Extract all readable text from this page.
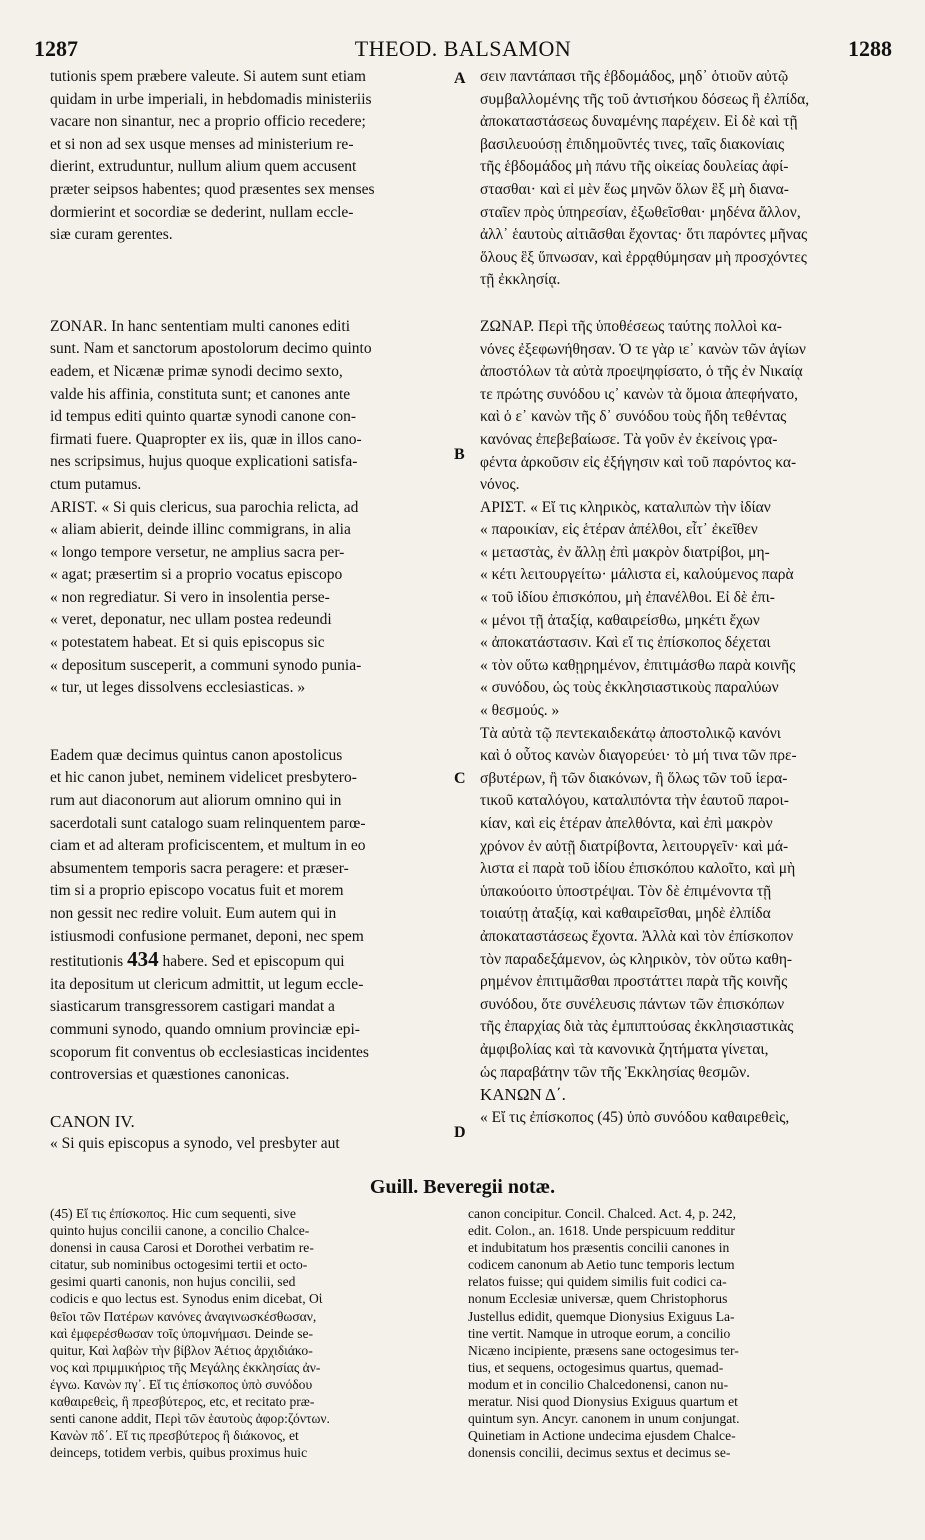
1287	THEOD. BALSAMON	1288
A
B
C
D
tutionis spem præbere valeute. Si autem sunt etiam
quidam in urbe imperiali, in hebdomadis ministeriis
vacare non sinantur, nec a proprio officio recedere;
et si non ad sex usque menses ad ministerium re-
dierint, extruduntur, nullum alium quem accusent
præter seipsos habentes; quod præsentes sex menses
dormierint et socordiæ se dederint, nullam eccle-
siæ curam gerentes.
ZONAR. In hanc sententiam multi canones editi
sunt. Nam et sanctorum apostolorum decimo quinto
eadem, et Nicænæ primæ synodi decimo sexto,
valde his affinia, constituta sunt; et canones ante
id tempus editi quinto quartæ synodi canone con-
firmati fuere. Quapropter ex iis, quæ in illos cano-
nes scripsimus, hujus quoque explicationi satisfa-
ctum putamus.
ARIST. « Si quis clericus, sua parochia relicta, ad
« aliam abierit, deinde illinc commigrans, in alia
« longo tempore versetur, ne amplius sacra per-
« agat; præsertim si a proprio vocatus episcopo
« non regrediatur. Si vero in insolentia perse-
« veret, deponatur, nec ullam postea redeundi
« potestatem habeat. Et si quis episcopus sic
« depositum susceperit, a communi synodo punia-
« tur, ut leges dissolvens ecclesiasticas. »
Eadem quæ decimus quintus canon apostolicus
et hic canon jubet, neminem videlicet presbytero-
rum aut diaconorum aut aliorum omnino qui in
sacerdotali sunt catalogo suam relinquentem parœ-
ciam et ad alteram proficiscentem, et multum in eo
absumentem temporis sacra peragere: et præser-
tim si a proprio episcopo vocatus fuit et morem
non gessit nec redire voluit. Eum autem qui in
istiusmodi confusione permanet, deponi, nec spem
restitutionis 434 habere. Sed et episcopum qui
ita depositum ut clericum admittit, ut legum eccle-
siasticarum transgressorem castigari mandat a
communi synodo, quando omnium provinciæ epi-
scoporum fit conventus ob ecclesiasticas incidentes
controversias et quæstiones canonicas.

CANON IV.

« Si quis episcopus a synodo, vel presbyter aut
σειν παντάπασι τῆς ἑβδομάδος, μηδ᾽ ὁτιοῦν αὐτῷ
συμβαλλομένης τῆς τοῦ ἀντισήκου δόσεως ἢ ἐλπίδα,
ἀποκαταστάσεως δυναμένης παρέχειν. Εἰ δὲ καὶ τῇ
βασιλευούσῃ ἐπιδημοῦντές τινες, ταῖς διακονίαις
τῆς ἑβδομάδος μὴ πάνυ τῆς οἰκείας δουλείας ἀφί-
στασθαι· καὶ εἰ μὲν ἕως μηνῶν ὅλων ἓξ μὴ διανα-
σταῖεν πρὸς ὑπηρεσίαν, ἐξωθεῖσθαι· μηδένα ἄλλον,
ἀλλ᾽ ἑαυτοὺς αἰτιᾶσθαι ἔχοντας· ὅτι παρόντες μῆνας
ὅλους ἓξ ὕπνωσαν, καὶ ἐρρᾳθύμησαν μὴ προσχόντες
τῇ ἐκκλησίᾳ.
ΖΩΝΑΡ. Περὶ τῆς ὑποθέσεως ταύτης πολλοὶ κα-
νόνες ἐξεφωνήθησαν. Ὁ τε γὰρ ιε᾽ κανὼν τῶν ἁγίων
ἀποστόλων τὰ αὐτὰ προεψηφίσατο, ὁ τῆς ἐν Νικαίᾳ
τε πρώτης συνόδου ις᾽ κανὼν τὰ ὅμοια ἀπεφήνατο,
καὶ ὁ ε᾽ κανὼν τῆς δ᾽ συνόδου τοὺς ἤδη τεθέντας
κανόνας ἐπεβεβαίωσε. Τὰ γοῦν ἐν ἐκείνοις γρα-
φέντα ἀρκοῦσιν εἰς ἐξήγησιν καὶ τοῦ παρόντος κα-
νόνος.
ΑΡΙΣΤ. « Εἴ τις κληρικὸς, καταλιπὼν τὴν ἰδίαν
« παροικίαν, εἰς ἑτέραν ἀπέλθοι, εἶτ᾽ ἐκεῖθεν
« μεταστὰς, ἐν ἄλλῃ ἐπὶ μακρὸν διατρίβοι, μη-
« κέτι λειτουργείτω· μάλιστα εἰ, καλούμενος παρὰ
« τοῦ ἰδίου ἐπισκόπου, μὴ ἐπανέλθοι. Εἰ δὲ ἐπι-
« μένοι τῇ ἀταξίᾳ, καθαιρείσθω, μηκέτι ἔχων
« ἀποκατάστασιν. Καὶ εἴ τις ἐπίσκοπος δέχεται
« τὸν οὕτω καθῃρημένον, ἐπιτιμάσθω παρὰ κοινῆς
« συνόδου, ὡς τοὺς ἐκκλησιαστικοὺς παραλύων
« θεσμούς. »
Τὰ αὐτὰ τῷ πεντεκαιδεκάτῳ ἀποστολικῷ κανόνι
καὶ ὁ οὗτος κανὼν διαγορεύει· τὸ μή τινα τῶν πρε-
σβυτέρων, ἢ τῶν διακόνων, ἢ ὅλως τῶν τοῦ ἱερα-
τικοῦ καταλόγου, καταλιπόντα τὴν ἑαυτοῦ παροι-
κίαν, καὶ εἰς ἑτέραν ἀπελθόντα, καὶ ἐπὶ μακρὸν
χρόνον ἐν αὐτῇ διατρίβοντα, λειτουργεῖν· καὶ μά-
λιστα εἰ παρὰ τοῦ ἰδίου ἐπισκόπου καλοῖτο, καὶ μὴ
ὑπακούοιτο ὑποστρέψαι. Τὸν δὲ ἐπιμένοντα τῇ
τοιαύτῃ ἀταξίᾳ, καὶ καθαιρεῖσθαι, μηδὲ ἐλπίδα
ἀποκαταστάσεως ἔχοντα. Ἀλλὰ καὶ τὸν ἐπίσκοπον
τὸν παραδεξάμενον, ὡς κληρικὸν, τὸν οὕτω καθη-
ρημένον ἐπιτιμᾶσθαι προστάττει παρὰ τῆς κοινῆς
συνόδου, ὅτε συνέλευσις πάντων τῶν ἐπισκόπων
τῆς ἐπαρχίας διὰ τὰς ἐμπιπτούσας ἐκκλησιαστικὰς
ἀμφιβολίας καὶ τὰ κανονικὰ ζητήματα γίνεται,
ὡς παραβάτην τῶν τῆς Ἐκκλησίας θεσμῶν.

ΚΑΝΩΝ Δ΄.

« Εἴ τις ἐπίσκοπος (45) ὑπὸ συνόδου καθαιρεθεὶς,
Guill. Beveregii notæ.
(45) Εἴ τις ἐπίσκοπος. Hic cum sequenti, sive
quinto hujus concilii canone, a concilio Chalce-
donensi in causa Carosi et Dorothei verbatim re-
citatur, sub nominibus octogesimi tertii et octo-
gesimi quarti canonis, non hujus concilii, sed
codicis e quo lectus est. Synodus enim dicebat, Οἱ
θεῖοι τῶν Πατέρων κανόνες ἀναγινωσκέσθωσαν,
καὶ ἐμφερέσθωσαν τοῖς ὑπομνήμασι. Deinde se-
quitur, Καὶ λαβὼν τὴν βίβλον Ἀέτιος ἀρχιδιάκο-
νος καὶ πριμμικήριος τῆς Μεγάλης ἐκκλησίας ἀν-
έγνω. Κανὼν πγ᾽. Εἴ τις ἐπίσκοπος ὑπὸ συνόδου
καθαιρεθεὶς, ἢ πρεσβύτερος, etc, et recitato præ-
senti canone addit, Περὶ τῶν ἑαυτοὺς ἀφορ:ζόντων.
Κανὼν πδ΄. Εἴ τις πρεσβύτερος ἢ διάκονος, et
deinceps, totidem verbis, quibus proximus huic
canon concipitur. Concil. Chalced. Act. 4, p. 242,
edit. Colon., an. 1618. Unde perspicuum redditur
et indubitatum hos præsentis concilii canones in
codicem canonum ab Aetio tunc temporis lectum
relatos fuisse; qui quidem similis fuit codici ca-
nonum Ecclesiæ universæ, quem Christophorus
Justellus edidit, quemque Dionysius Exiguus La-
tine vertit. Namque in utroque eorum, a concilio
Nicæno incipiente, præsens sane octogesimus ter-
tius, et sequens, octogesimus quartus, quemad-
modum et in concilio Chalcedonensi, canon nu-
meratur. Nisi quod Dionysius Exiguus quartum et
quintum syn. Ancyr. canonem in unum conjungat.
Quinetiam in Actione undecima ejusdem Chalce-
donensis concilii, decimus sextus et decimus se-
